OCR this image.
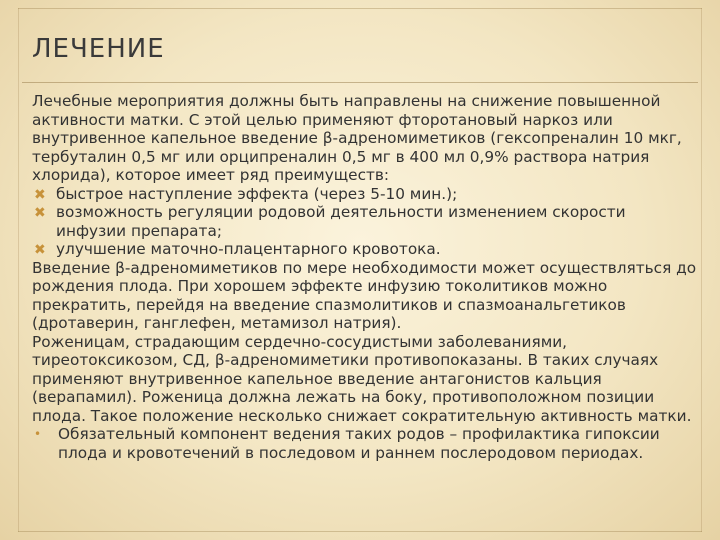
ЛЕЧЕНИЕ

Лечебные мероприятия должны быть направлены на снижение повышенной активности матки. С этой целью применяют фторотановый наркоз или внутривенное капельное введение β-адреномиметиков (гексопреналин 10 мкг, тербуталин 0,5 мг или орципреналин 0,5 мг в 400 мл 0,9% раствора натрия хлорида), которое имеет ряд преимуществ:

✖ быстрое наступление эффекта (через 5-10 мин.);
✖ возможность регуляции родовой деятельности изменением скорости инфузии препарата;
✖ улучшение маточно-плацентарного кровотока.

Введение β-адреномиметиков по мере необходимости может осуществляться до рождения плода. При хорошем эффекте инфузию токолитиков можно прекратить, перейдя на введение спазмолитиков и спазмоанальгетиков (дротаверин, ганглефен, метамизол натрия).

Роженицам, страдающим сердечно-сосудистыми заболеваниями, тиреотоксикозом, СД, β-адреномиметики противопоказаны. В таких случаях применяют внутривенное капельное введение антагонистов кальция (верапамил). Роженица должна лежать на боку, противоположном позиции плода. Такое положение несколько снижает сократительную активность матки.

• Обязательный компонент ведения таких родов – профилактика гипоксии плода и кровотечений в последовом и раннем послеродовом периодах.
